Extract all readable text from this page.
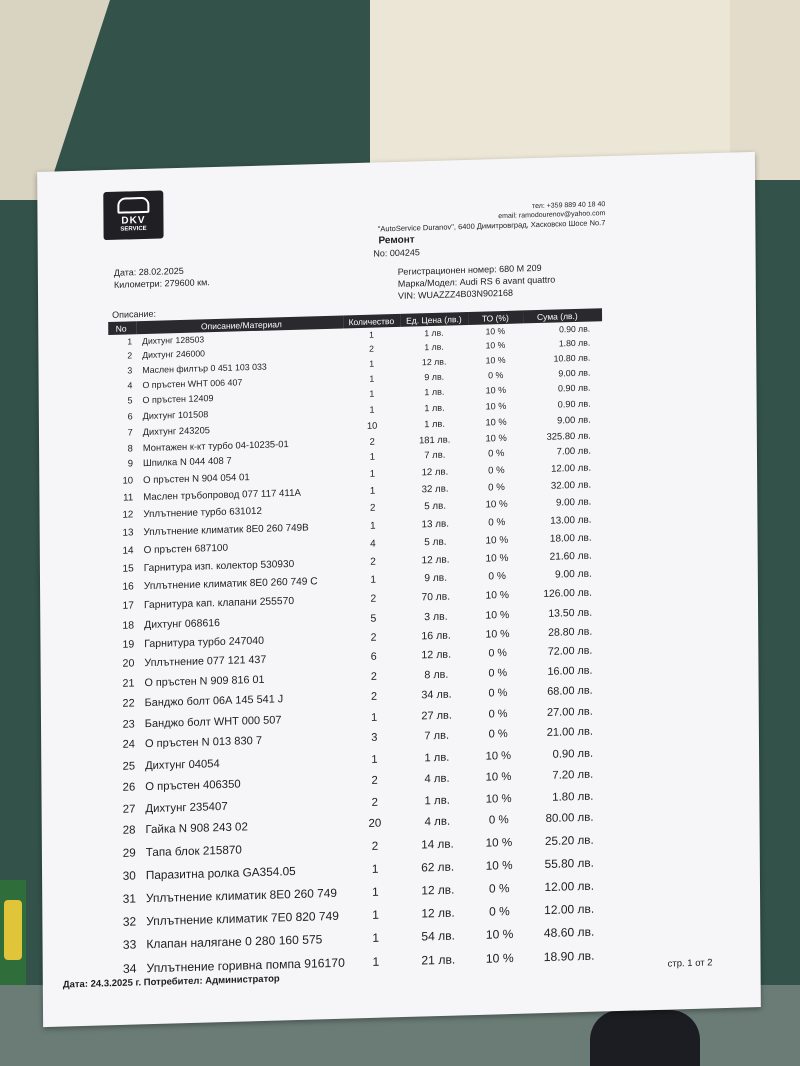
DKV
SERVICE
тел: +359 889 40 18 40
email: ramodourenov@yahoo.com
"AutoService Duranov", 6400 Димитровград, Хасковско Шосе No.7
Ремонт
No: 004245
Дата: 28.02.2025
Километри: 279600 км.
Регистрационен номер: 680 М 209
Марка/Модел: Audi RS 6 avant quattro
VIN: WUAZZZ4B03N902168
Описание:
No	Описание/Материал	Количество	Ед. Цена (лв.)	ТО (%)	Сума (лв.)
1	Дихтунг 128503	1	1 лв.	10 %	0.90 лв.
2	Дихтунг 246000	2	1 лв.	10 %	1.80 лв.
3	Маслен филтър 0 451 103 033	1	12 лв.	10 %	10.80 лв.
4	О пръстен WHT 006 407	1	9 лв.	0 %	9.00 лв.
5	О пръстен 12409	1	1 лв.	10 %	0.90 лв.
6	Дихтунг 101508	1	1 лв.	10 %	0.90 лв.
7	Дихтунг 243205	10	1 лв.	10 %	9.00 лв.
8	Монтажен к-кт турбо 04-10235-01	2	181 лв.	10 %	325.80 лв.
9	Шпилка N 044 408 7	1	7 лв.	0 %	7.00 лв.
10	О пръстен N 904 054 01	1	12 лв.	0 %	12.00 лв.
11	Маслен тръбопровод 077 117 411А	1	32 лв.	0 %	32.00 лв.
12	Уплътнение турбо 631012	2	5 лв.	10 %	9.00 лв.
13	Уплътнение климатик 8Е0 260 749В	1	13 лв.	0 %	13.00 лв.
14	О пръстен 687100	4	5 лв.	10 %	18.00 лв.
15	Гарнитура изп. колектор 530930	2	12 лв.	10 %	21.60 лв.
16	Уплътнение климатик 8Е0 260 749 С	1	9 лв.	0 %	9.00 лв.
17	Гарнитура кап. клапани 255570	2	70 лв.	10 %	126.00 лв.
18	Дихтунг 068616	5	3 лв.	10 %	13.50 лв.
19	Гарнитура турбо 247040	2	16 лв.	10 %	28.80 лв.
20	Уплътнение 077 121 437	6	12 лв.	0 %	72.00 лв.
21	О пръстен N 909 816 01	2	8 лв.	0 %	16.00 лв.
22	Банджо болт 06А 145 541 J	2	34 лв.	0 %	68.00 лв.
23	Банджо болт WHT 000 507	1	27 лв.	0 %	27.00 лв.
24	О пръстен N 013 830 7	3	7 лв.	0 %	21.00 лв.
25	Дихтунг 04054	1	1 лв.	10 %	0.90 лв.
26	О пръстен 406350	2	4 лв.	10 %	7.20 лв.
27	Дихтунг 235407	2	1 лв.	10 %	1.80 лв.
28	Гайка N 908 243 02	20	4 лв.	0 %	80.00 лв.
29	Тапа блок 215870	2	14 лв.	10 %	25.20 лв.
30	Паразитна ролка GA354.05	1	62 лв.	10 %	55.80 лв.
31	Уплътнение климатик 8Е0 260 749	1	12 лв.	0 %	12.00 лв.
32	Уплътнение климатик 7Е0 820 749	1	12 лв.	0 %	12.00 лв.
33	Клапан налягане 0 280 160 575	1	54 лв.	10 %	48.60 лв.
34	Уплътнение горивна помпа 916170	1	21 лв.	10 %	18.90 лв.
Дата: 24.3.2025 г. Потребител: Администратор
стр. 1 от 2
